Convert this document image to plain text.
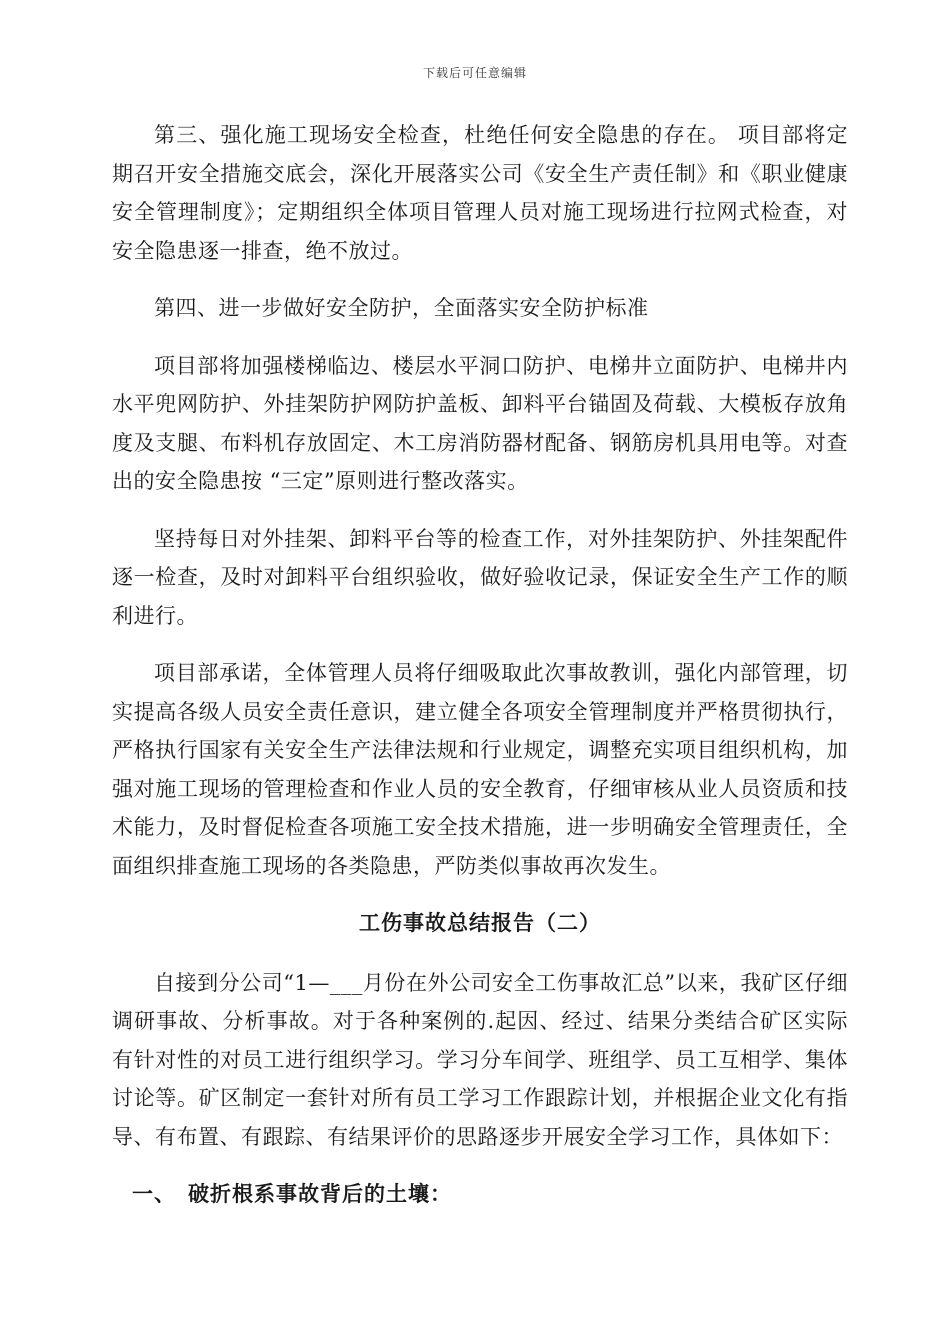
下载后可任意编辑

第三、强化施工现场安全检查，杜绝任何安全隐患的存在。 项目部将定期召开安全措施交底会，深化开展落实公司《安全生产责任制》和《职业健康安全管理制度》；定期组织全体项目管理人员对施工现场进行拉网式检查，对安全隐患逐一排查，绝不放过。

第四、进一步做好安全防护，全面落实安全防护标准

项目部将加强楼梯临边、楼层水平洞口防护、电梯井立面防护、电梯井内水平兜网防护、外挂架防护网防护盖板、卸料平台锚固及荷载、大模板存放角度及支腿、布料机存放固定、木工房消防器材配备、钢筋房机具用电等。对查出的安全隐患按 “三定”原则进行整改落实。

坚持每日对外挂架、卸料平台等的检查工作，对外挂架防护、外挂架配件逐一检查，及时对卸料平台组织验收，做好验收记录，保证安全生产工作的顺利进行。

项目部承诺，全体管理人员将仔细吸取此次事故教训，强化内部管理，切实提高各级人员安全责任意识，建立健全各项安全管理制度并严格贯彻执行，严格执行国家有关安全生产法律法规和行业规定，调整充实项目组织机构，加强对施工现场的管理检查和作业人员的安全教育，仔细审核从业人员资质和技术能力，及时督促检查各项施工安全技术措施，进一步明确安全管理责任，全面组织排查施工现场的各类隐患，严防类似事故再次发生。

工伤事故总结报告（二）

自接到分公司“1—___月份在外公司安全工伤事故汇总”以来，我矿区仔细调研事故、分析事故。对于各种案例的.起因、经过、结果分类结合矿区实际有针对性的对员工进行组织学习。学习分车间学、班组学、员工互相学、集体讨论等。矿区制定一套针对所有员工学习工作跟踪计划，并根据企业文化有指导、有布置、有跟踪、有结果评价的思路逐步开展安全学习工作，具体如下：

一、 破折根系事故背后的土壤：
